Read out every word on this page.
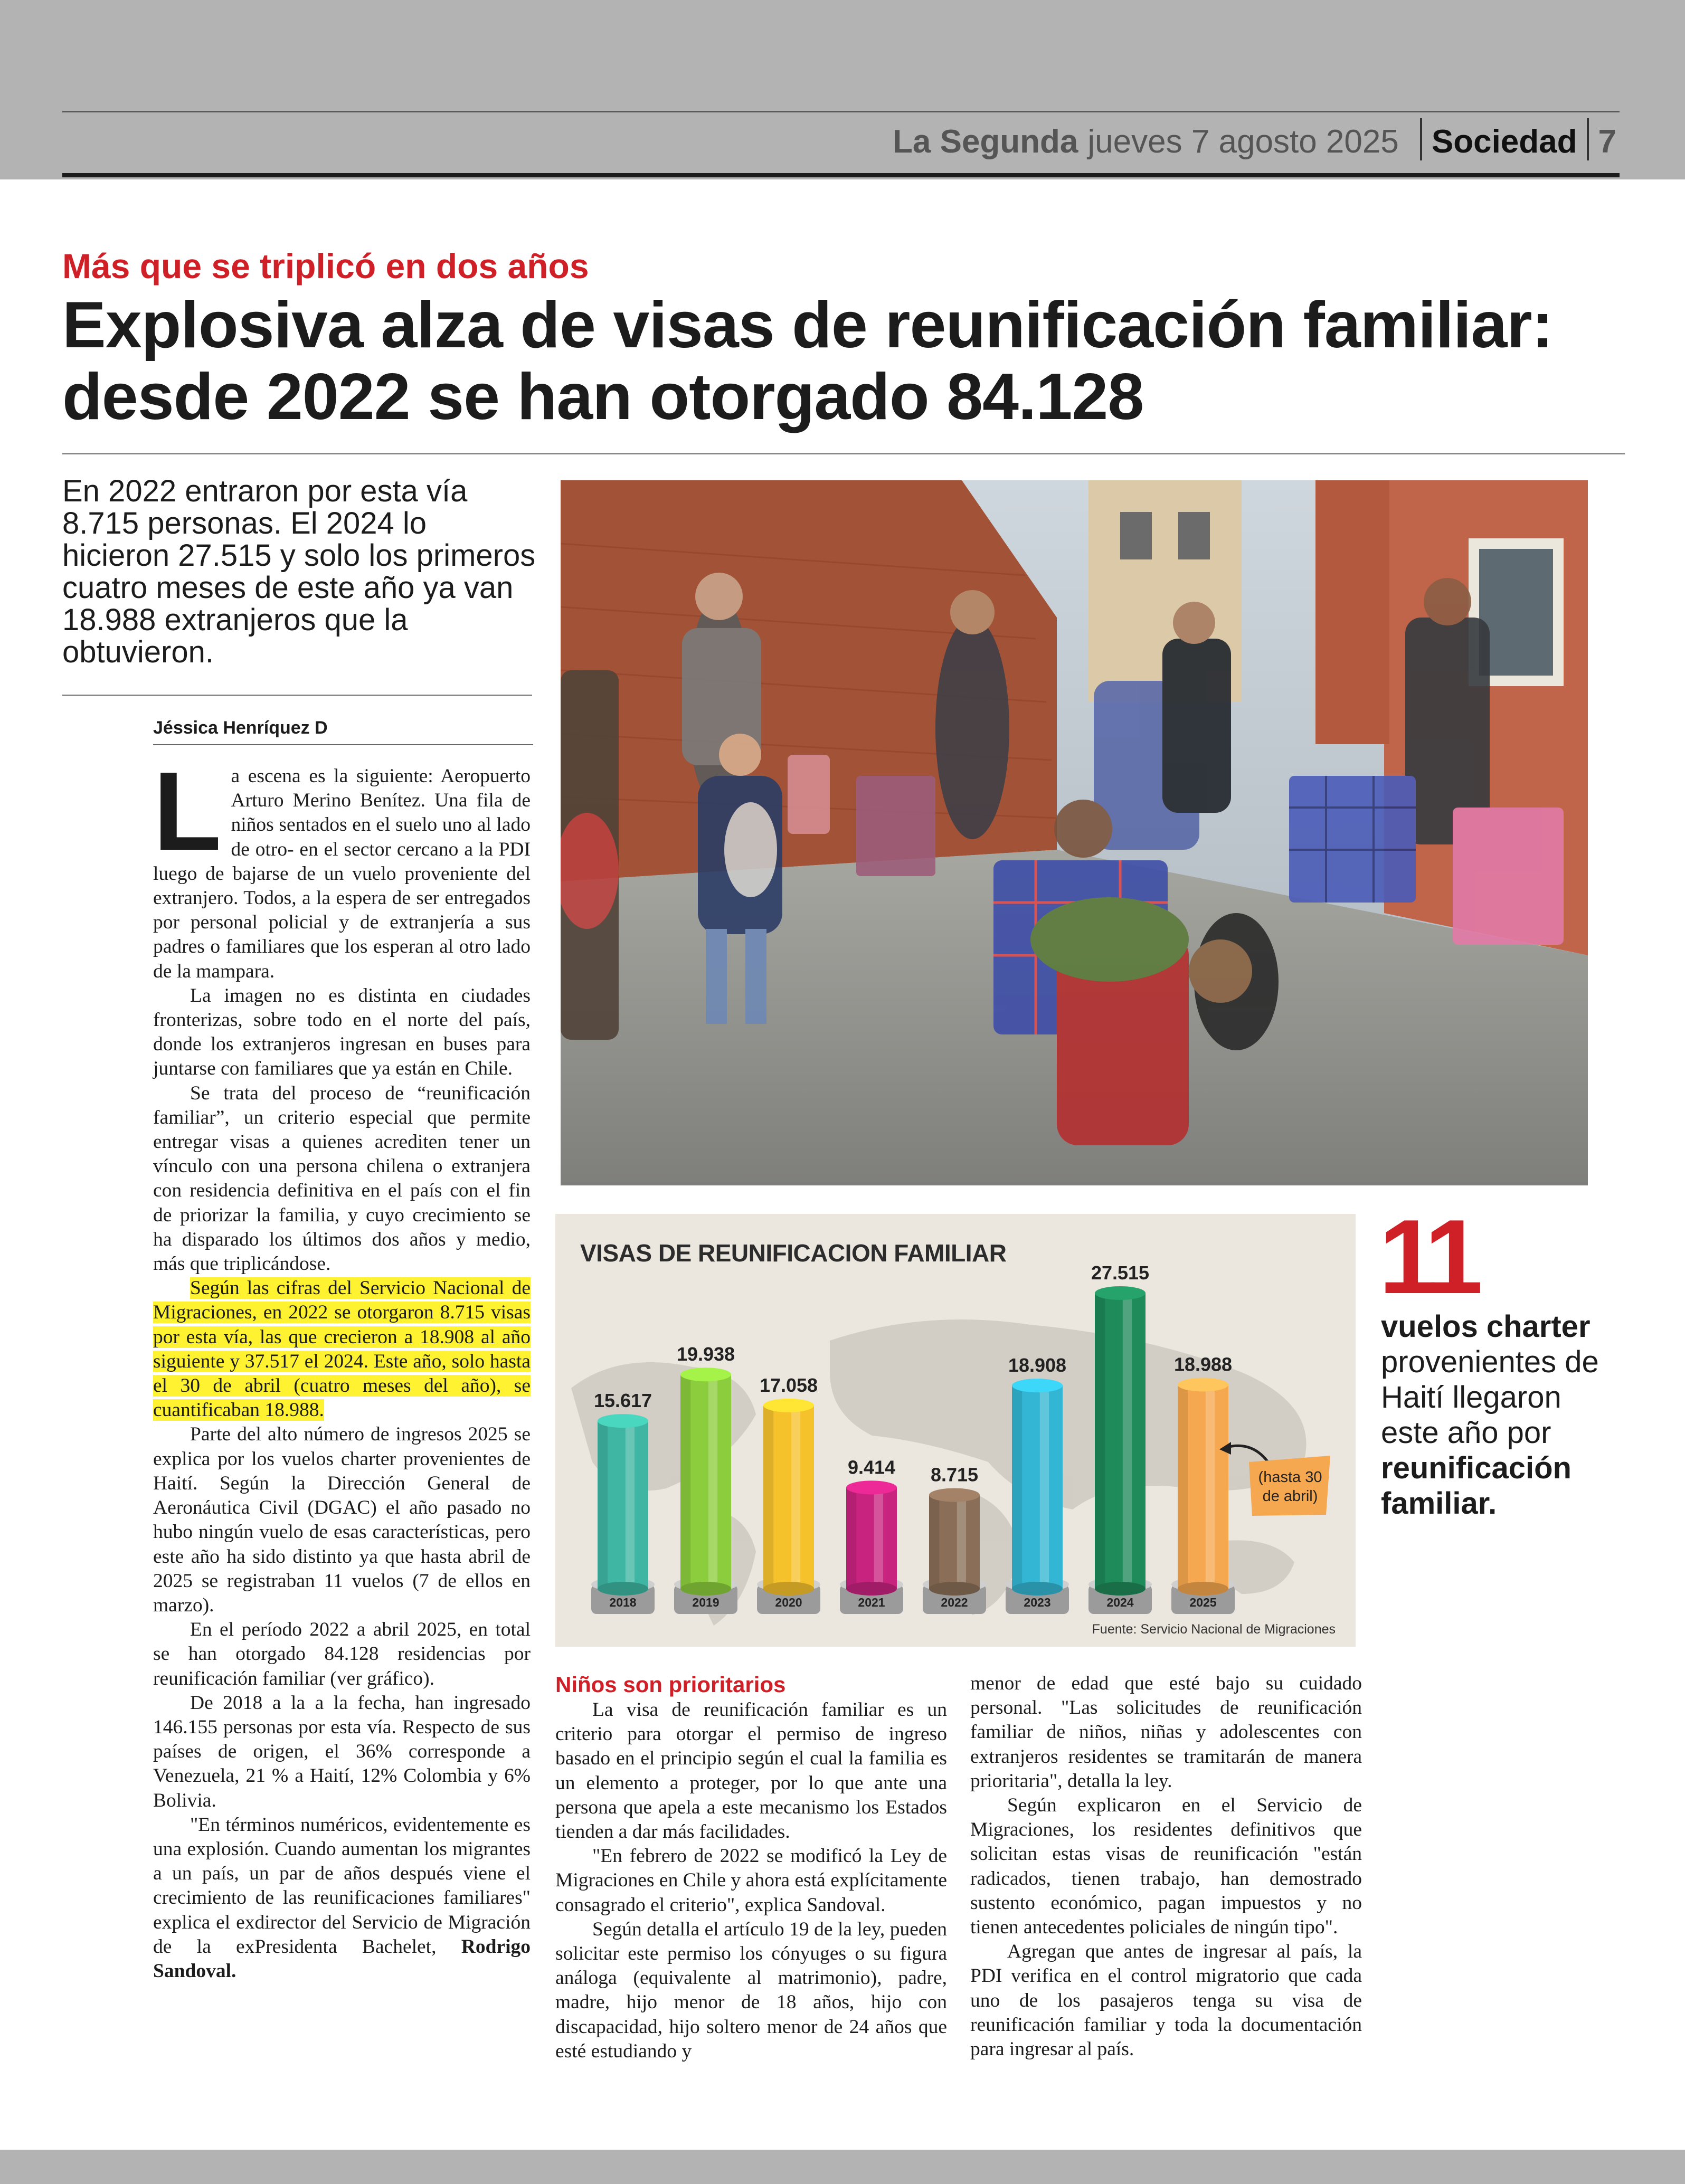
La Segunda jueves 7 agosto 2025 Sociedad 7
Más que se triplicó en dos años
Explosiva alza de visas de reunificación familiar: desde 2022 se han otorgado 84.128
En 2022 entraron por esta vía 8.715 personas. El 2024 lo hicieron 27.515 y solo los primeros cuatro meses de este año ya van 18.988 extranjeros que la obtuvieron.
Jéssica Henríquez D

La escena es la siguiente: Aeropuerto Arturo Merino Benítez. Una fila de niños sentados en el suelo uno al lado de otro- en el sector cercano a la PDI luego de bajarse de un vuelo proveniente del extranjero. Todos, a la espera de ser entregados por personal policial y de extranjería a sus padres o familiares que los esperan al otro lado de la mampara.

La imagen no es distinta en ciudades fronterizas, sobre todo en el norte del país, donde los extranjeros ingresan en buses para juntarse con familiares que ya están en Chile.

Se trata del proceso de “reunificación familiar”, un criterio especial que permite entregar visas a quienes acrediten tener un vínculo con una persona chilena o extranjera con residencia definitiva en el país con el fin de priorizar la familia, y cuyo crecimiento se ha disparado los últimos dos años y medio, más que triplicándose.

Según las cifras del Servicio Nacional de Migraciones, en 2022 se otorgaron 8.715 visas por esta vía, las que crecieron a 18.908 al año siguiente y 37.517 el 2024. Este año, solo hasta el 30 de abril (cuatro meses del año), se cuantificaban 18.988.

Parte del alto número de ingresos 2025 se explica por los vuelos charter provenientes de Haití. Según la Dirección General de Aeronáutica Civil (DGAC) el año pasado no hubo ningún vuelo de esas características, pero este año ha sido distinto ya que hasta abril de 2025 se registraban 11 vuelos (7 de ellos en marzo).

En el período 2022 a abril 2025, en total se han otorgado 84.128 residencias por reunificación familiar (ver gráfico).

De 2018 a la a la fecha, han ingresado 146.155 personas por esta vía. Respecto de sus países de origen, el 36% corresponde a Venezuela, 21 % a Haití, 12% Colombia y 6% Bolivia.

"En términos numéricos, evidentemente es una explosión. Cuando aumentan los migrantes a un país, un par de años después viene el crecimiento de las reunificaciones familiares" explica el exdirector del Servicio de Migración de la exPresidenta Bachelet, Rodrigo Sandoval.

15.617
2018
19.938
2019
17.058
2020
9.414
2021
8.715
2022
18.908
2023
27.515
2024
18.988
2025
(hasta 30
de abril)
VISAS DE REUNIFICACION FAMILIAR
Fuente: Servicio Nacional de Migraciones
11
vuelos charter provenientes de Haití llegaron este año por reunificación familiar.
Niños son prioritarios

La visa de reunificación familiar es un criterio para otorgar el permiso de ingreso basado en el principio según el cual la familia es un elemento a proteger, por lo que ante una persona que apela a este mecanismo los Estados tienden a dar más facilidades.

"En febrero de 2022 se modificó la Ley de Migraciones en Chile y ahora está explícitamente consagrado el criterio", explica Sandoval.

Según detalla el artículo 19 de la ley, pueden solicitar este permiso los cónyuges o su figura análoga (equivalente al matrimonio), padre, madre, hijo menor de 18 años, hijo con discapacidad, hijo soltero menor de 24 años que esté estudiando y

menor de edad que esté bajo su cuidado personal. "Las solicitudes de reunificación familiar de niños, niñas y adolescentes con extranjeros residentes se tramitarán de manera prioritaria", detalla la ley.

Según explicaron en el Servicio de Migraciones, los residentes definitivos que solicitan estas visas de reunificación "están radicados, tienen trabajo, han demostrado sustento económico, pagan impuestos y no tienen antecedentes policiales de ningún tipo".

Agregan que antes de ingresar al país, la PDI verifica en el control migratorio que cada uno de los pasajeros tenga su visa de reunificación familiar y toda la documentación para ingresar al país.
